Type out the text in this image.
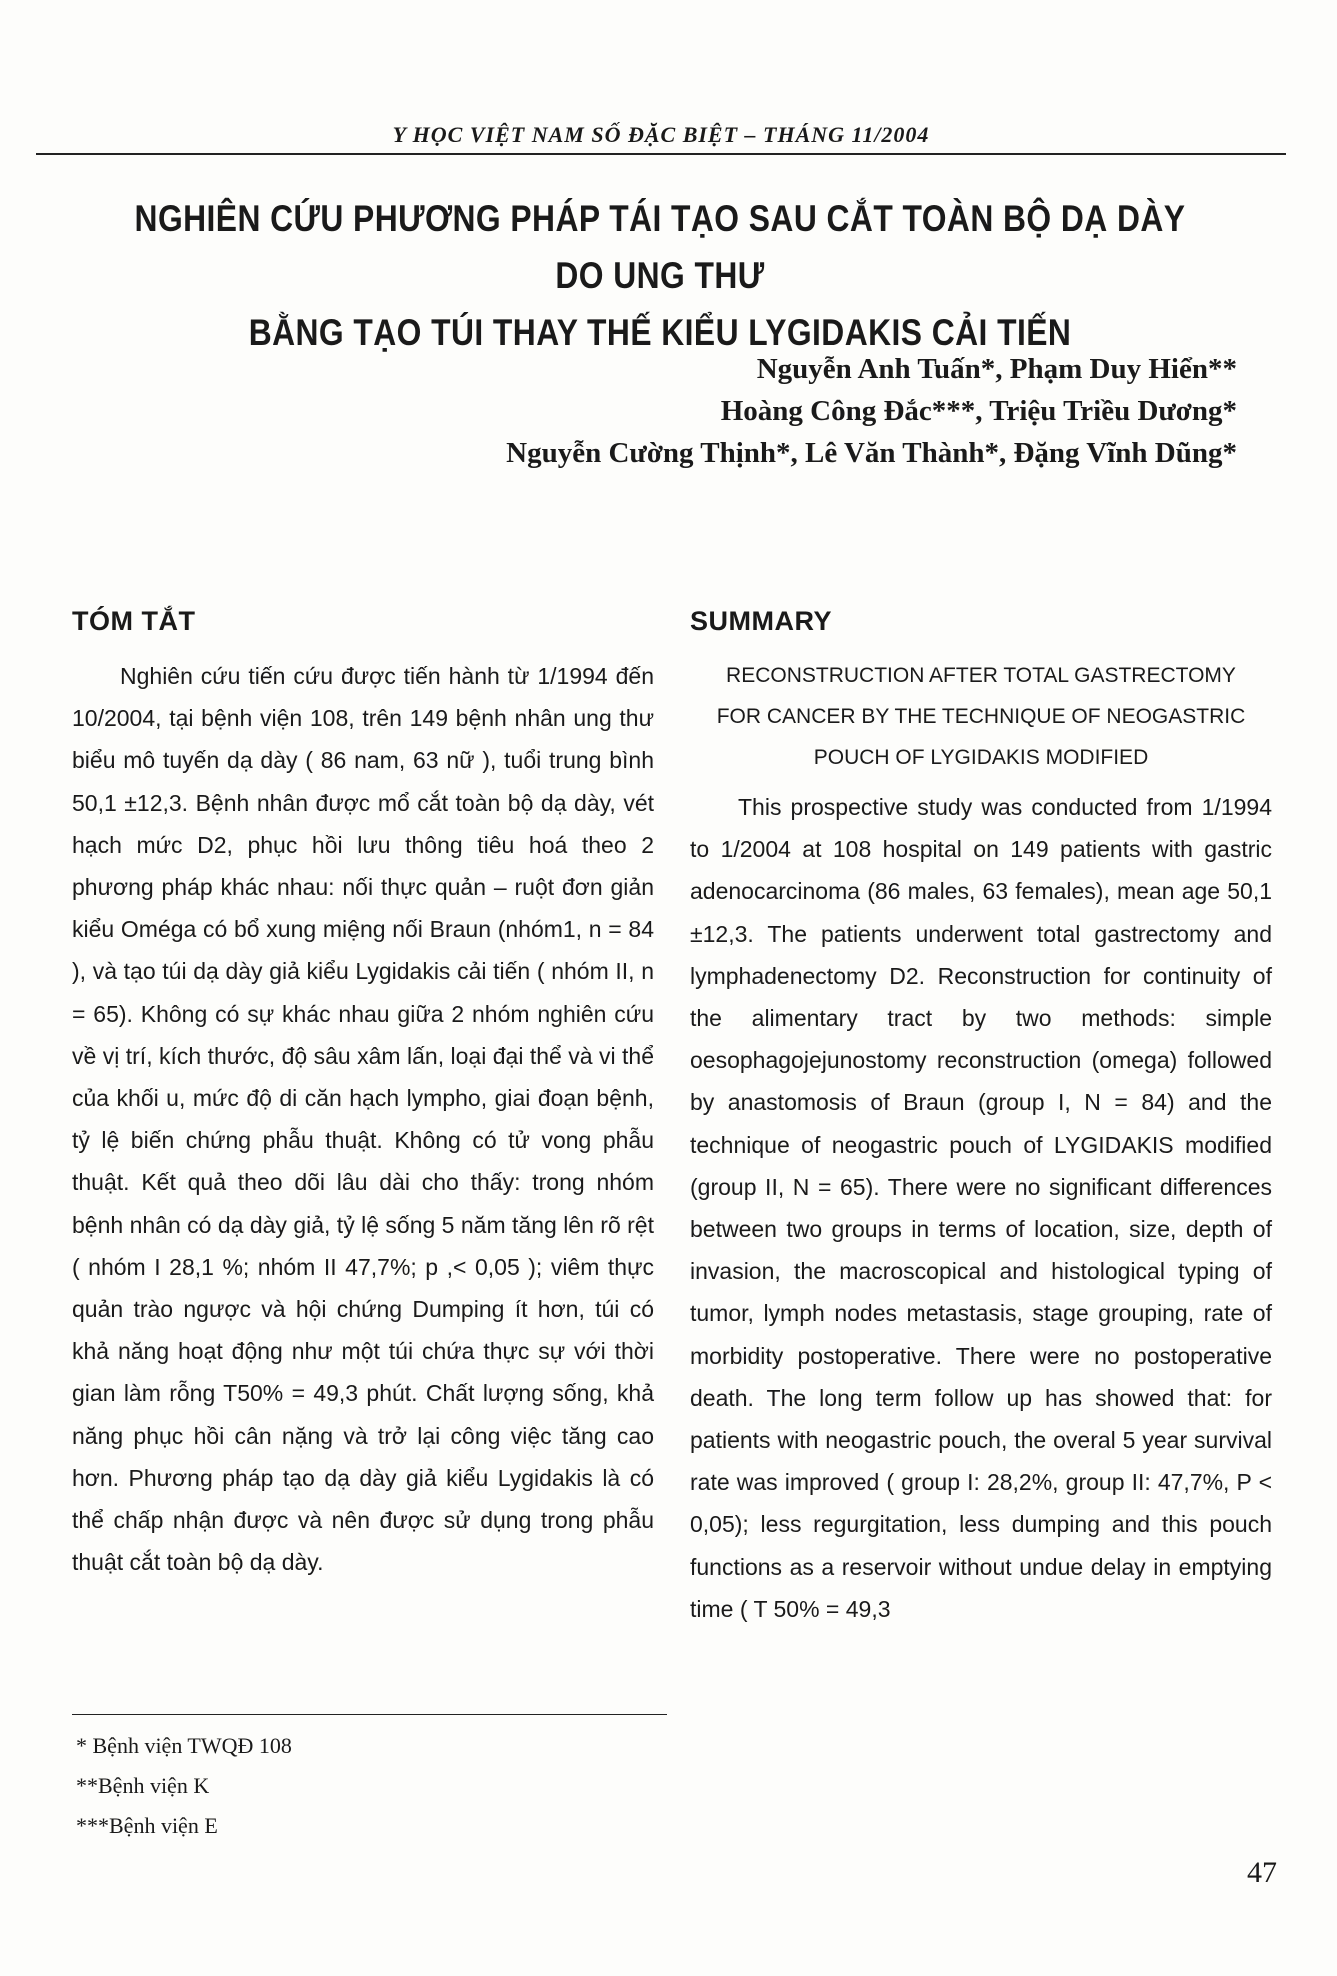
Y HỌC VIỆT NAM SỐ ĐẶC BIỆT – THÁNG 11/2004
NGHIÊN CỨU PHƯƠNG PHÁP TÁI TẠO SAU CẮT TOÀN BỘ DẠ DÀY DO UNG THƯ
BẰNG TẠO TÚI THAY THẾ KIỂU LYGIDAKIS CẢI TIẾN
Nguyễn Anh Tuấn*, Phạm Duy Hiển**
Hoàng Công Đắc***, Triệu Triều Dương*
Nguyễn Cường Thịnh*, Lê Văn Thành*, Đặng Vĩnh Dũng*
TÓM TẮT

Nghiên cứu tiến cứu được tiến hành từ 1/1994 đến 10/2004, tại bệnh viện 108, trên 149 bệnh nhân ung thư biểu mô tuyến dạ dày ( 86 nam, 63 nữ ), tuổi trung bình 50,1 ±12,3. Bệnh nhân được mổ cắt toàn bộ dạ dày, vét hạch mức D2, phục hồi lưu thông tiêu hoá theo 2 phương pháp khác nhau: nối thực quản – ruột đơn giản kiểu Oméga có bổ xung miệng nối Braun (nhóm1, n = 84 ), và tạo túi dạ dày giả kiểu Lygidakis cải tiến ( nhóm II, n = 65). Không có sự khác nhau giữa 2 nhóm nghiên cứu về vị trí, kích thước, độ sâu xâm lấn, loại đại thể và vi thể của khối u, mức độ di căn hạch lympho, giai đoạn bệnh, tỷ lệ biến chứng phẫu thuật. Không có tử vong phẫu thuật. Kết quả theo dõi lâu dài cho thấy: trong nhóm bệnh nhân có dạ dày giả, tỷ lệ sống 5 năm tăng lên rõ rệt ( nhóm I 28,1 %; nhóm II 47,7%; p ,< 0,05 ); viêm thực quản trào ngược và hội chứng Dumping ít hơn, túi có khả năng hoạt động như một túi chứa thực sự với thời gian làm rỗng T50% = 49,3 phút. Chất lượng sống, khả năng phục hồi cân nặng và trở lại công việc tăng cao hơn. Phương pháp tạo dạ dày giả kiểu Lygidakis là có thể chấp nhận được và nên được sử dụng trong phẫu thuật cắt toàn bộ dạ dày.

SUMMARY
RECONSTRUCTION AFTER TOTAL GASTRECTOMY
FOR CANCER BY THE TECHNIQUE OF NEOGASTRIC
POUCH OF LYGIDAKIS MODIFIED

This prospective study was conducted from 1/1994 to 1/2004 at 108 hospital on 149 patients with gastric adenocarcinoma (86 males, 63 females), mean age 50,1 ±12,3. The patients underwent total gastrectomy and lymphadenectomy D2. Reconstruction for continuity of the alimentary tract by two methods: simple oesophagojejunostomy reconstruction (omega) followed by anastomosis of Braun (group I, N = 84) and the technique of neogastric pouch of LYGIDAKIS modified (group II, N = 65). There were no significant differences between two groups in terms of location, size, depth of invasion, the macroscopical and histological typing of tumor, lymph nodes metastasis, stage grouping, rate of morbidity postoperative. There were no postoperative death. The long term follow up has showed that: for patients with neogastric pouch, the overal 5 year survival rate was improved ( group I: 28,2%, group II: 47,7%, P < 0,05); less regurgitation, less dumping and this pouch functions as a reservoir without undue delay in emptying time ( T 50% = 49,3

* Bệnh viện TWQĐ 108
**Bệnh viện K
***Bệnh viện E
47
